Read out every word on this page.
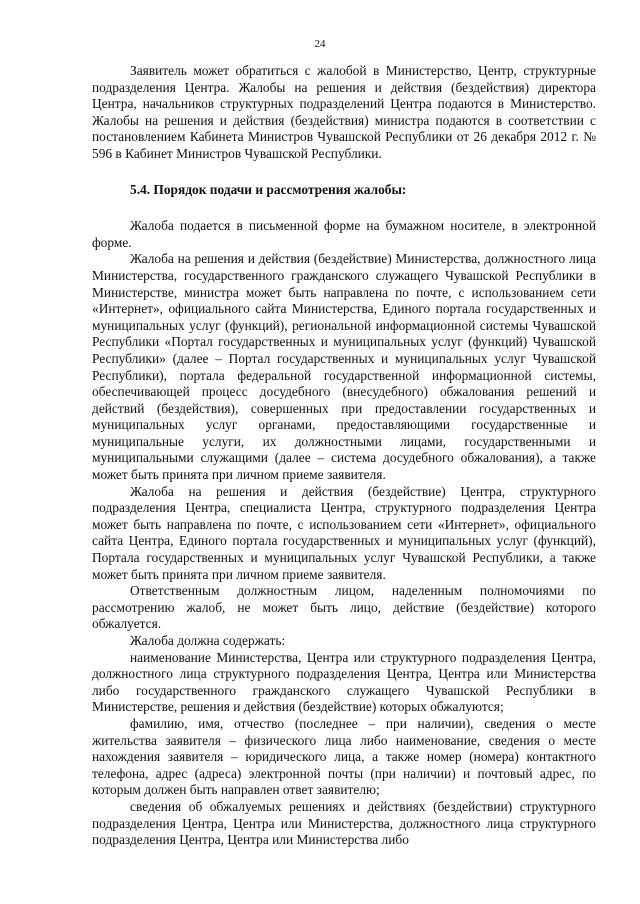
24

Заявитель может обратиться с жалобой в Министерство, Центр, структурные подразделения Центра. Жалобы на решения и действия (бездействия) директора Центра, начальников структурных подразделений Центра подаются в Министерство. Жалобы на решения и действия (бездействия) министра подаются в соответствии с постановлением Кабинета Министров Чувашской Республики от 26 декабря 2012 г. № 596 в Кабинет Министров Чувашской Республики.

5.4. Порядок подачи и рассмотрения жалобы:

Жалоба подается в письменной форме на бумажном носителе, в электронной форме.

Жалоба на решения и действия (бездействие) Министерства, должностного лица Министерства, государственного гражданского служащего Чувашской Республики в Министерстве, министра может быть направлена по почте, с использованием сети «Интернет», официального сайта Министерства, Единого портала государственных и муниципальных услуг (функций), региональной информационной системы Чувашской Республики «Портал государственных и муниципальных услуг (функций) Чувашской Республики» (далее – Портал государственных и муниципальных услуг Чувашской Республики), портала федеральной государственной информационной системы, обеспечивающей процесс досудебного (внесудебного) обжалования решений и действий (бездействия), совершенных при предоставлении государственных и муниципальных услуг органами, предоставляющими государственные и муниципальные услуги, их должностными лицами, государственными и муниципальными служащими (далее – система досудебного обжалования), а также может быть принята при личном приеме заявителя.

Жалоба на решения и действия (бездействие) Центра, структурного подразделения Центра, специалиста Центра, структурного подразделения Центра может быть направлена по почте, с использованием сети «Интернет», официального сайта Центра, Единого портала государственных и муниципальных услуг (функций), Портала государственных и муниципальных услуг Чувашской Республики, а также может быть принята при личном приеме заявителя.

Ответственным должностным лицом, наделенным полномочиями по рассмотрению жалоб, не может быть лицо, действие (бездействие) которого обжалуется.

Жалоба должна содержать:

наименование Министерства, Центра или структурного подразделения Центра, должностного лица структурного подразделения Центра, Центра или Министерства либо государственного гражданского служащего Чувашской Республики в Министерстве, решения и действия (бездействие) которых обжалуются;

фамилию, имя, отчество (последнее – при наличии), сведения о месте жительства заявителя – физического лица либо наименование, сведения о месте нахождения заявителя – юридического лица, а также номер (номера) контактного телефона, адрес (адреса) электронной почты (при наличии) и почтовый адрес, по которым должен быть направлен ответ заявителю;

сведения об обжалуемых решениях и действиях (бездействии) структурного подразделения Центра, Центра или Министерства, должностного лица структурного подразделения Центра, Центра или Министерства либо
